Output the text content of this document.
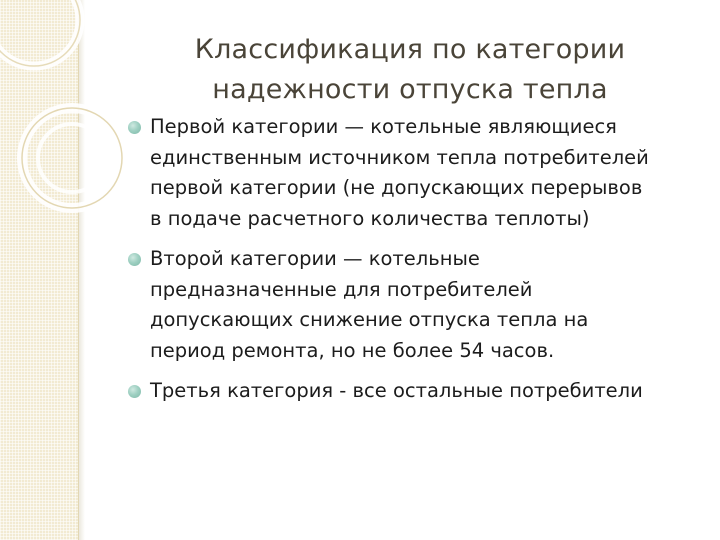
Классификация по категории
надежности отпуска тепла
Первой категории — котельные являющиеся
единственным источником тепла потребителей
первой категории (не допускающих перерывов
в подаче расчетного количества теплоты)
Второй категории — котельные
предназначенные для потребителей
допускающих снижение отпуска тепла на
период ремонта, но не более 54 часов.
Третья категория - все остальные потребители
